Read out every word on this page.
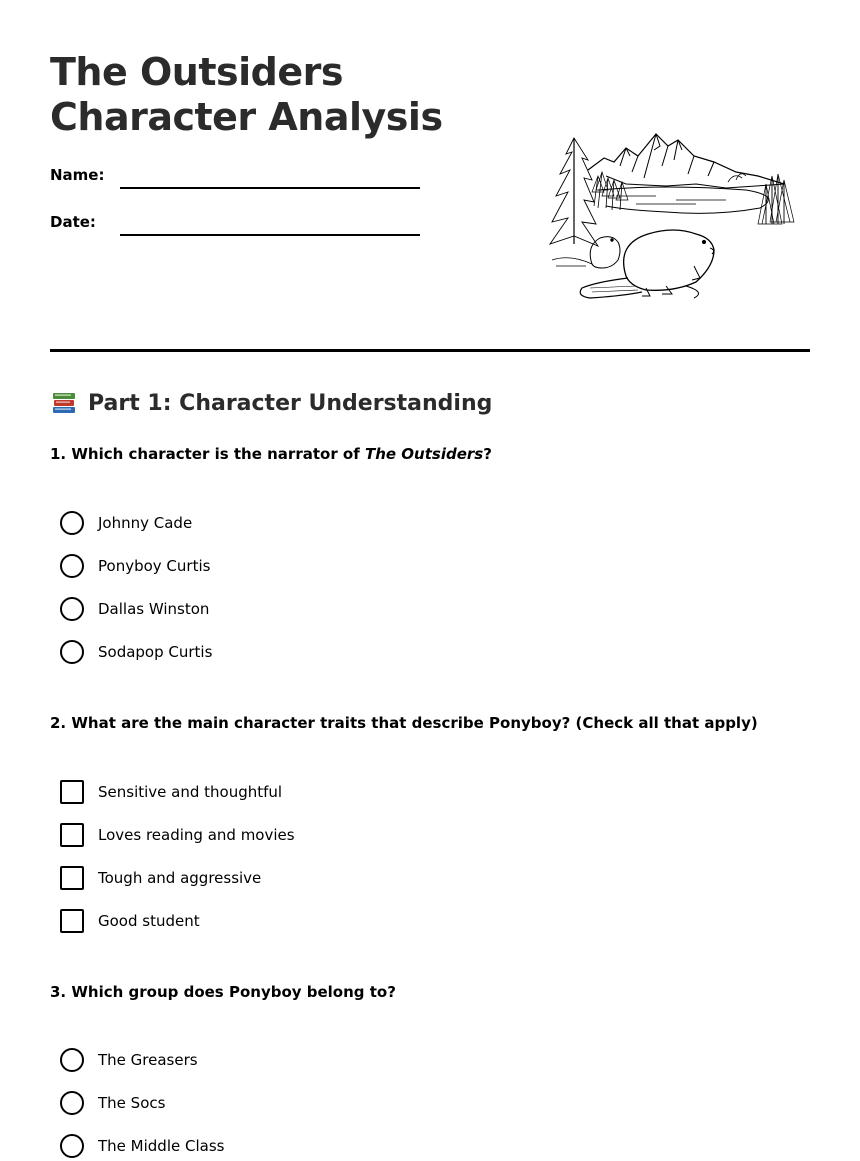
The Outsiders Character Analysis
Name:
Date:
Part 1: Character Understanding

1. Which character is the narrator of The Outsiders?

Johnny Cade
Ponyboy Curtis
Dallas Winston
Sodapop Curtis

2. What are the main character traits that describe Ponyboy? (Check all that apply)

Sensitive and thoughtful
Loves reading and movies
Tough and aggressive
Good student

3. Which group does Ponyboy belong to?

The Greasers
The Socs
The Middle Class
